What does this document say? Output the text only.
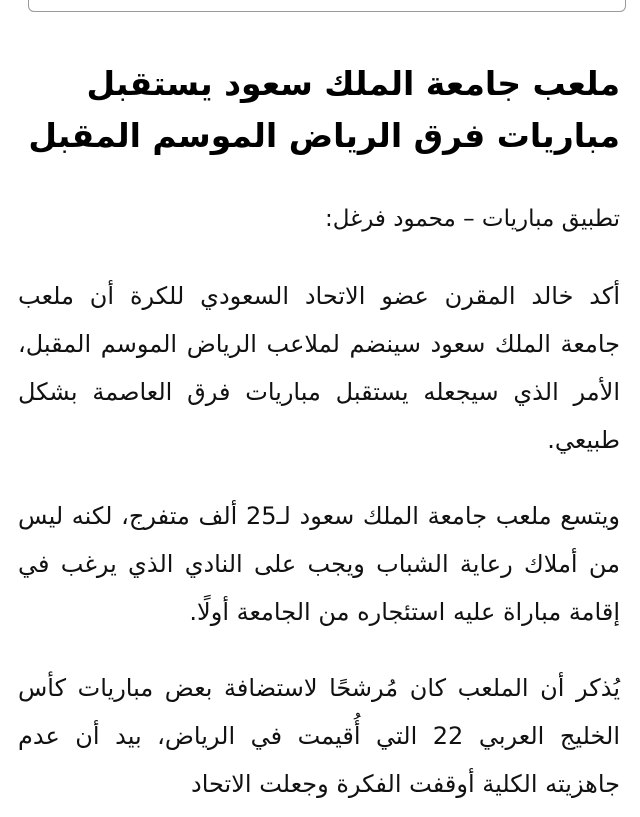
ملعب جامعة الملك سعود يستقبل مباريات فرق الرياض الموسم المقبل

تطبيق مباريات – محمود فرغل:

أكد خالد المقرن عضو الاتحاد السعودي للكرة أن ملعب جامعة الملك سعود سينضم لملاعب الرياض الموسم المقبل، الأمر الذي سيجعله يستقبل مباريات فرق العاصمة بشكل طبيعي.

ويتسع ملعب جامعة الملك سعود لـ25 ألف متفرج، لكنه ليس من أملاك رعاية الشباب ويجب على النادي الذي يرغب في إقامة مباراة عليه استئجاره من الجامعة أولًا.

يُذكر أن الملعب كان مُرشحًا لاستضافة بعض مباريات كأس الخليج العربي 22 التي أُقيمت في الرياض، بيد أن عدم جاهزيته الكلية أوقفت الفكرة وجعلت الاتحاد
